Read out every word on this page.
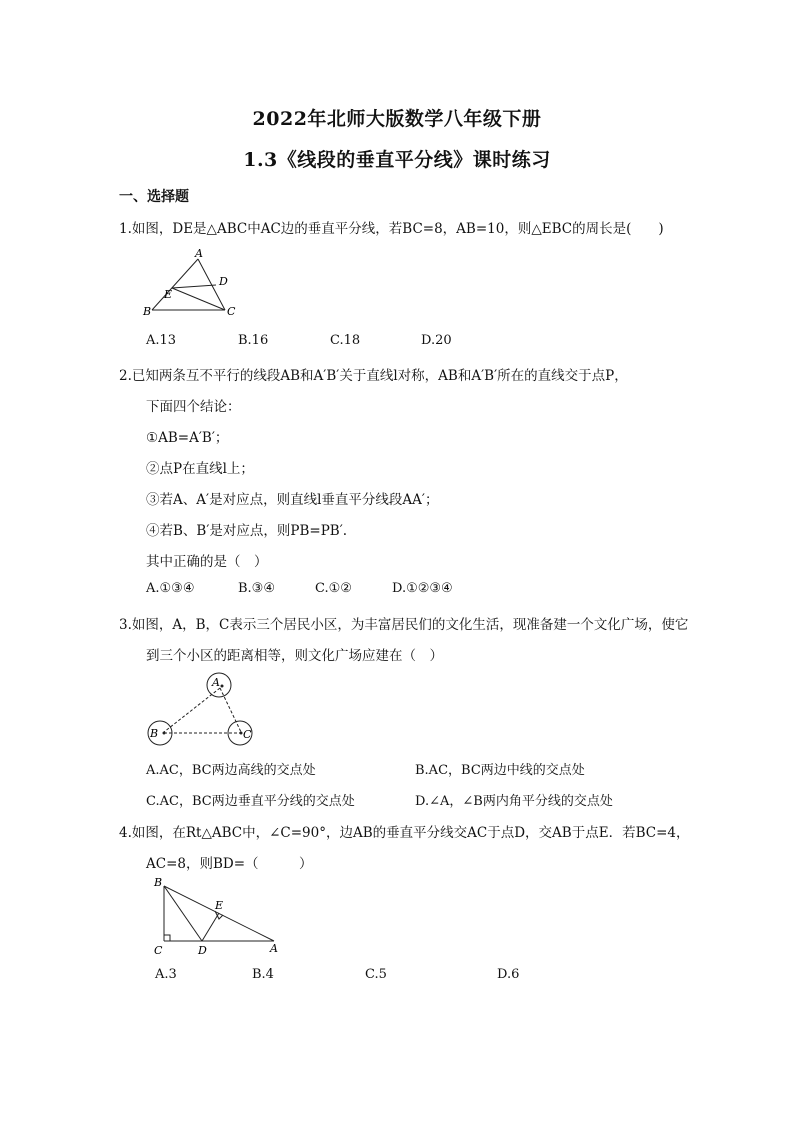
2022年北师大版数学八年级下册
1.3《线段的垂直平分线》课时练习
一、选择题
1.如图，DE是△ABC中AC边的垂直平分线，若BC=8，AB=10，则△EBC的周长是(　　)
A
D
E
B	C
A.13	B.16	C.18	D.20
2.已知两条互不平行的线段AB和A′B′关于直线l对称，AB和A′B′所在的直线交于点P，
下面四个结论：
①AB=A′B′；
②点P在直线l上；
③若A、A′是对应点，则直线l垂直平分线段AA′；
④若B、B′是对应点，则PB=PB′.
其中正确的是（　）
A.①③④	B.③④	C.①②	D.①②③④
3.如图，A，B，C表示三个居民小区，为丰富居民们的文化生活，现准备建一个文化广场，使它
到三个小区的距离相等，则文化广场应建在（　）
A
B	C
A.AC，BC两边高线的交点处	B.AC，BC两边中线的交点处
C.AC，BC两边垂直平分线的交点处	D.∠A，∠B两内角平分线的交点处
4.如图，在Rt△ABC中，∠C=90°，边AB的垂直平分线交AC于点D，交AB于点E．若BC=4，
AC=8，则BD=（　　　）
B
E
C	D	A
A.3	B.4	C.5	D.6
